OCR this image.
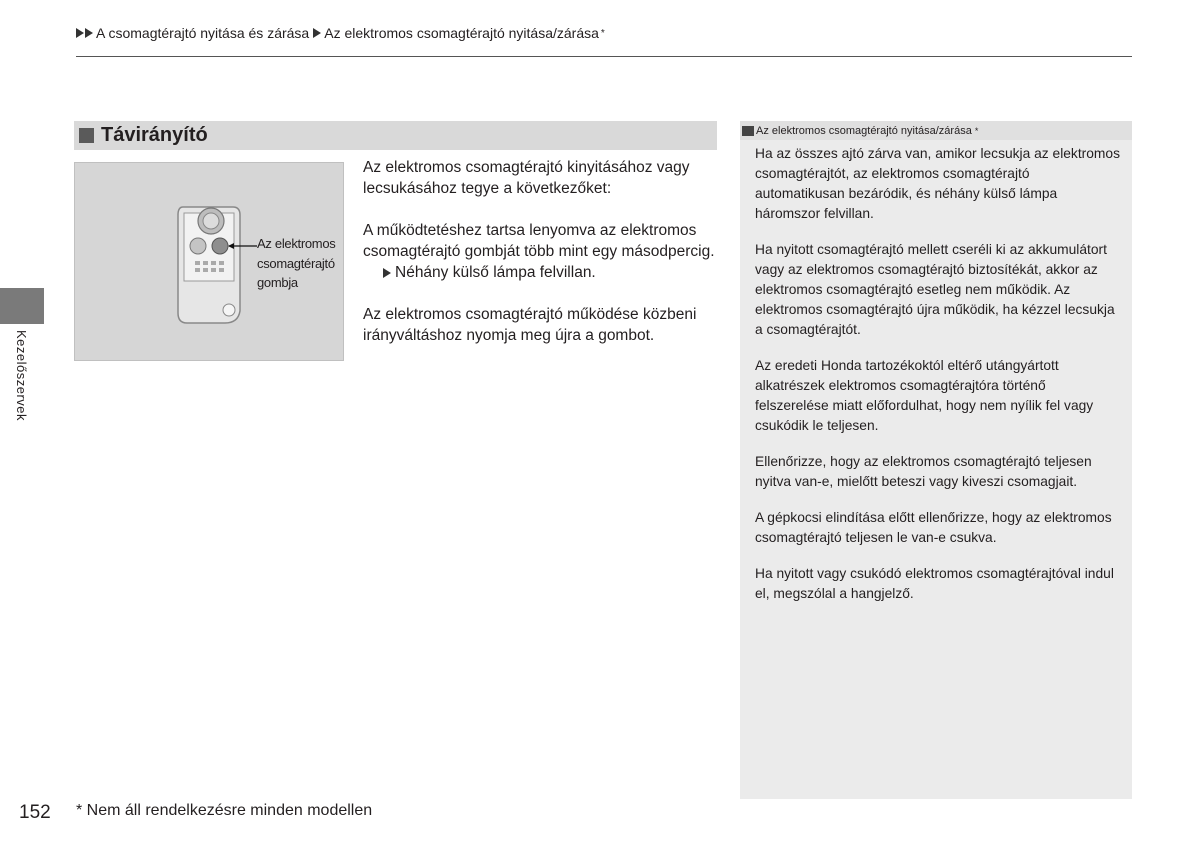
A csomagtérajtó nyitása és zárása Az elektromos csomagtérajtó nyitása/zárása *
Távirányító
Az elektromos csomagtérajtó gombja

Az elektromos csomagtérajtó kinyitásához vagy lecsukásához tegye a következőket:

A működtetéshez tartsa lenyomva az elektromos csomagtérajtó gombját több mint egy másodpercig.

Néhány külső lámpa felvillan.

Az elektromos csomagtérajtó működése közbeni irányváltáshoz nyomja meg újra a gombot.

Az elektromos csomagtérajtó nyitása/zárása *

Ha az összes ajtó zárva van, amikor lecsukja az elektromos csomagtérajtót, az elektromos csomagtérajtó automatikusan bezáródik, és néhány külső lámpa háromszor felvillan.

Ha nyitott csomagtérajtó mellett cseréli ki az akkumulátort vagy az elektromos csomagtérajtó biztosítékát, akkor az elektromos csomagtérajtó esetleg nem működik. Az elektromos csomagtérajtó újra működik, ha kézzel lecsukja a csomagtérajtót.

Az eredeti Honda tartozékoktól eltérő utángyártott alkatrészek elektromos csomagtérajtóra történő felszerelése miatt előfordulhat, hogy nem nyílik fel vagy csukódik le teljesen.

Ellenőrizze, hogy az elektromos csomagtérajtó teljesen nyitva van-e, mielőtt beteszi vagy kiveszi csomagjait.

A gépkocsi elindítása előtt ellenőrizze, hogy az elektromos csomagtérajtó teljesen le van-e csukva.

Ha nyitott vagy csukódó elektromos csomagtérajtóval indul el, megszólal a hangjelző.

Kezelőszervek
152 * Nem áll rendelkezésre minden modellen
